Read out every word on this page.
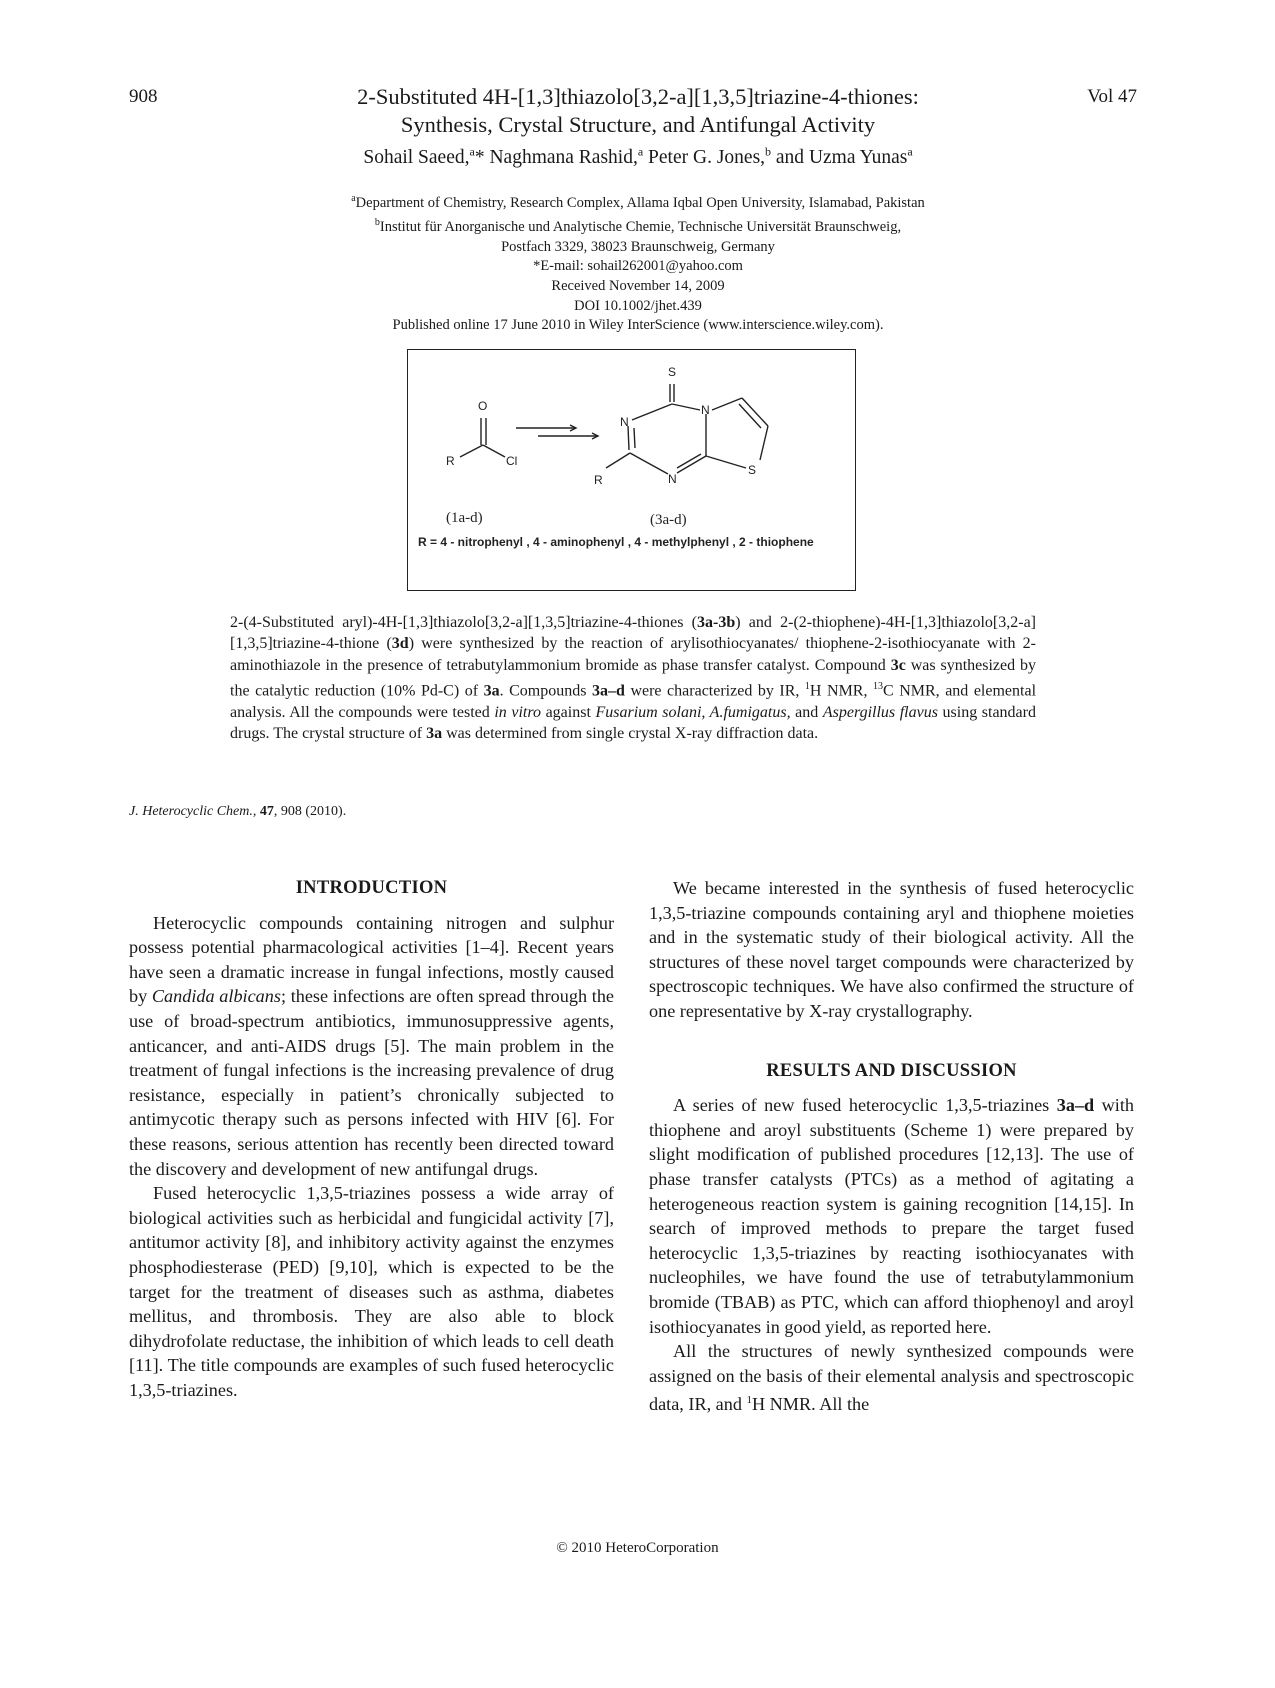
908	Vol 47
2-Substituted 4H-[1,3]thiazolo[3,2-a][1,3,5]triazine-4-thiones:
Synthesis, Crystal Structure, and Antifungal Activity
Sohail Saeed,$^a$* Naghmana Rashid,$^a$ Peter G. Jones,$^b$ and Uzma Yunas$^a$
$^a$Department of Chemistry, Research Complex, Allama Iqbal Open University, Islamabad, Pakistan
$^b$Institut für Anorganische und Analytische Chemie, Technische Universität Braunschweig,
Postfach 3329, 38023 Braunschweig, Germany
*E-mail: sohail262001@yahoo.com
Received November 14, 2009
DOI 10.1002/jhet.439
Published online 17 June 2010 in Wiley InterScience (www.interscience.wiley.com).
O
R	Cl
S
N
N
N
S
R
(1a-d)	(3a-d)
R = 4 - nitrophenyl , 4 - aminophenyl , 4 - methylphenyl , 2 - thiophene
2-(4-Substituted aryl)-4H-[1,3]thiazolo[3,2-a][1,3,5]triazine-4-thiones (3a-3b) and 2-(2-thiophene)-4H-[1,3]thiazolo[3,2-a][1,3,5]triazine-4-thione (3d) were synthesized by the reaction of arylisothiocyanates/ thiophene-2-isothiocyanate with 2-aminothiazole in the presence of tetrabutylammonium bromide as phase transfer catalyst. Compound 3c was synthesized by the catalytic reduction (10% Pd-C) of 3a. Compounds 3a–d were characterized by IR, $^1$H NMR, $^{13}$C NMR, and elemental analysis. All the compounds were tested in vitro against Fusarium solani, A.fumigatus, and Aspergillus flavus using standard drugs. The crystal structure of 3a was determined from single crystal X-ray diffraction data.
J. Heterocyclic Chem., 47, 908 (2010).
INTRODUCTION

Heterocyclic compounds containing nitrogen and sulphur possess potential pharmacological activities [1–4]. Recent years have seen a dramatic increase in fungal infections, mostly caused by Candida albicans; these infections are often spread through the use of broad-spectrum antibiotics, immunosuppressive agents, anticancer, and anti-AIDS drugs [5]. The main problem in the treatment of fungal infections is the increasing prevalence of drug resistance, especially in patient’s chronically subjected to antimycotic therapy such as persons infected with HIV [6]. For these reasons, serious attention has recently been directed toward the discovery and development of new antifungal drugs.

Fused heterocyclic 1,3,5-triazines possess a wide array of biological activities such as herbicidal and fungicidal activity [7], antitumor activity [8], and inhibitory activity against the enzymes phosphodiesterase (PED) [9,10], which is expected to be the target for the treatment of diseases such as asthma, diabetes mellitus, and thrombosis. They are also able to block dihydrofolate reductase, the inhibition of which leads to cell death [11]. The title compounds are examples of such fused heterocyclic 1,3,5-triazines.

We became interested in the synthesis of fused heterocyclic 1,3,5-triazine compounds containing aryl and thiophene moieties and in the systematic study of their biological activity. All the structures of these novel target compounds were characterized by spectroscopic techniques. We have also confirmed the structure of one representative by X-ray crystallography.

RESULTS AND DISCUSSION

A series of new fused heterocyclic 1,3,5-triazines 3a–d with thiophene and aroyl substituents (Scheme 1) were prepared by slight modification of published procedures [12,13]. The use of phase transfer catalysts (PTCs) as a method of agitating a heterogeneous reaction system is gaining recognition [14,15]. In search of improved methods to prepare the target fused heterocyclic 1,3,5-triazines by reacting isothiocyanates with nucleophiles, we have found the use of tetrabutylammonium bromide (TBAB) as PTC, which can afford thiophenoyl and aroyl isothiocyanates in good yield, as reported here.

All the structures of newly synthesized compounds were assigned on the basis of their elemental analysis and spectroscopic data, IR, and $^1$H NMR. All the

© 2010 HeteroCorporation
